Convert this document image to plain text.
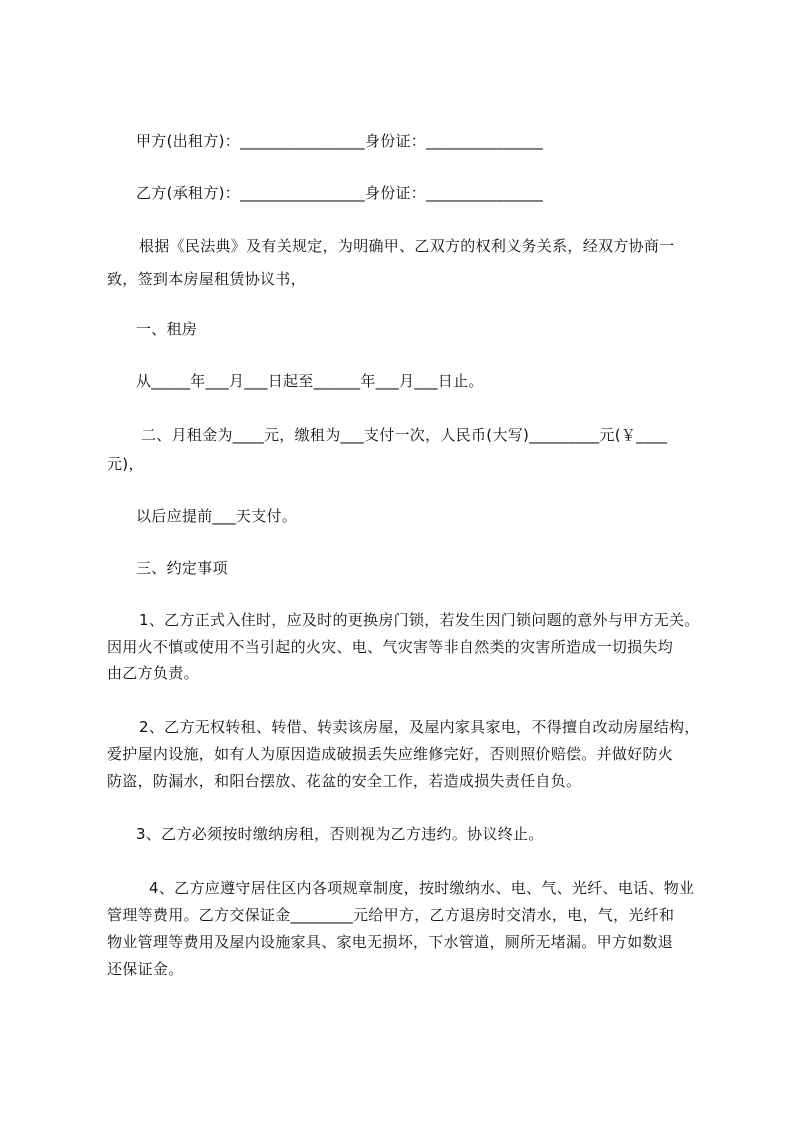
甲方(出租方)：________________身份证：_______________
乙方(承租方)：________________身份证：_______________
根据《民法典》及有关规定，为明确甲、乙双方的权利义务关系，经双方协商一
致，签到本房屋租赁协议书，
一、租房
从_____年___月___日起至______年___月___日止。
二、月租金为____元，缴租为___支付一次，人民币(大写)_________元(￥____
元)，
以后应提前___天支付。
三、约定事项
1、乙方正式入住时，应及时的更换房门锁，若发生因门锁问题的意外与甲方无关。
因用火不慎或使用不当引起的火灾、电、气灾害等非自然类的灾害所造成一切损失均
由乙方负责。
2、乙方无权转租、转借、转卖该房屋，及屋内家具家电，不得擅自改动房屋结构，
爱护屋内设施，如有人为原因造成破损丢失应维修完好，否则照价赔偿。并做好防火
防盗，防漏水，和阳台摆放、花盆的安全工作，若造成损失责任自负。
3、乙方必须按时缴纳房租，否则视为乙方违约。协议终止。
4、乙方应遵守居住区内各项规章制度，按时缴纳水、电、气、光纤、电话、物业
管理等费用。乙方交保证金________元给甲方，乙方退房时交清水，电，气，光纤和
物业管理等费用及屋内设施家具、家电无损坏，下水管道，厕所无堵漏。甲方如数退
还保证金。
